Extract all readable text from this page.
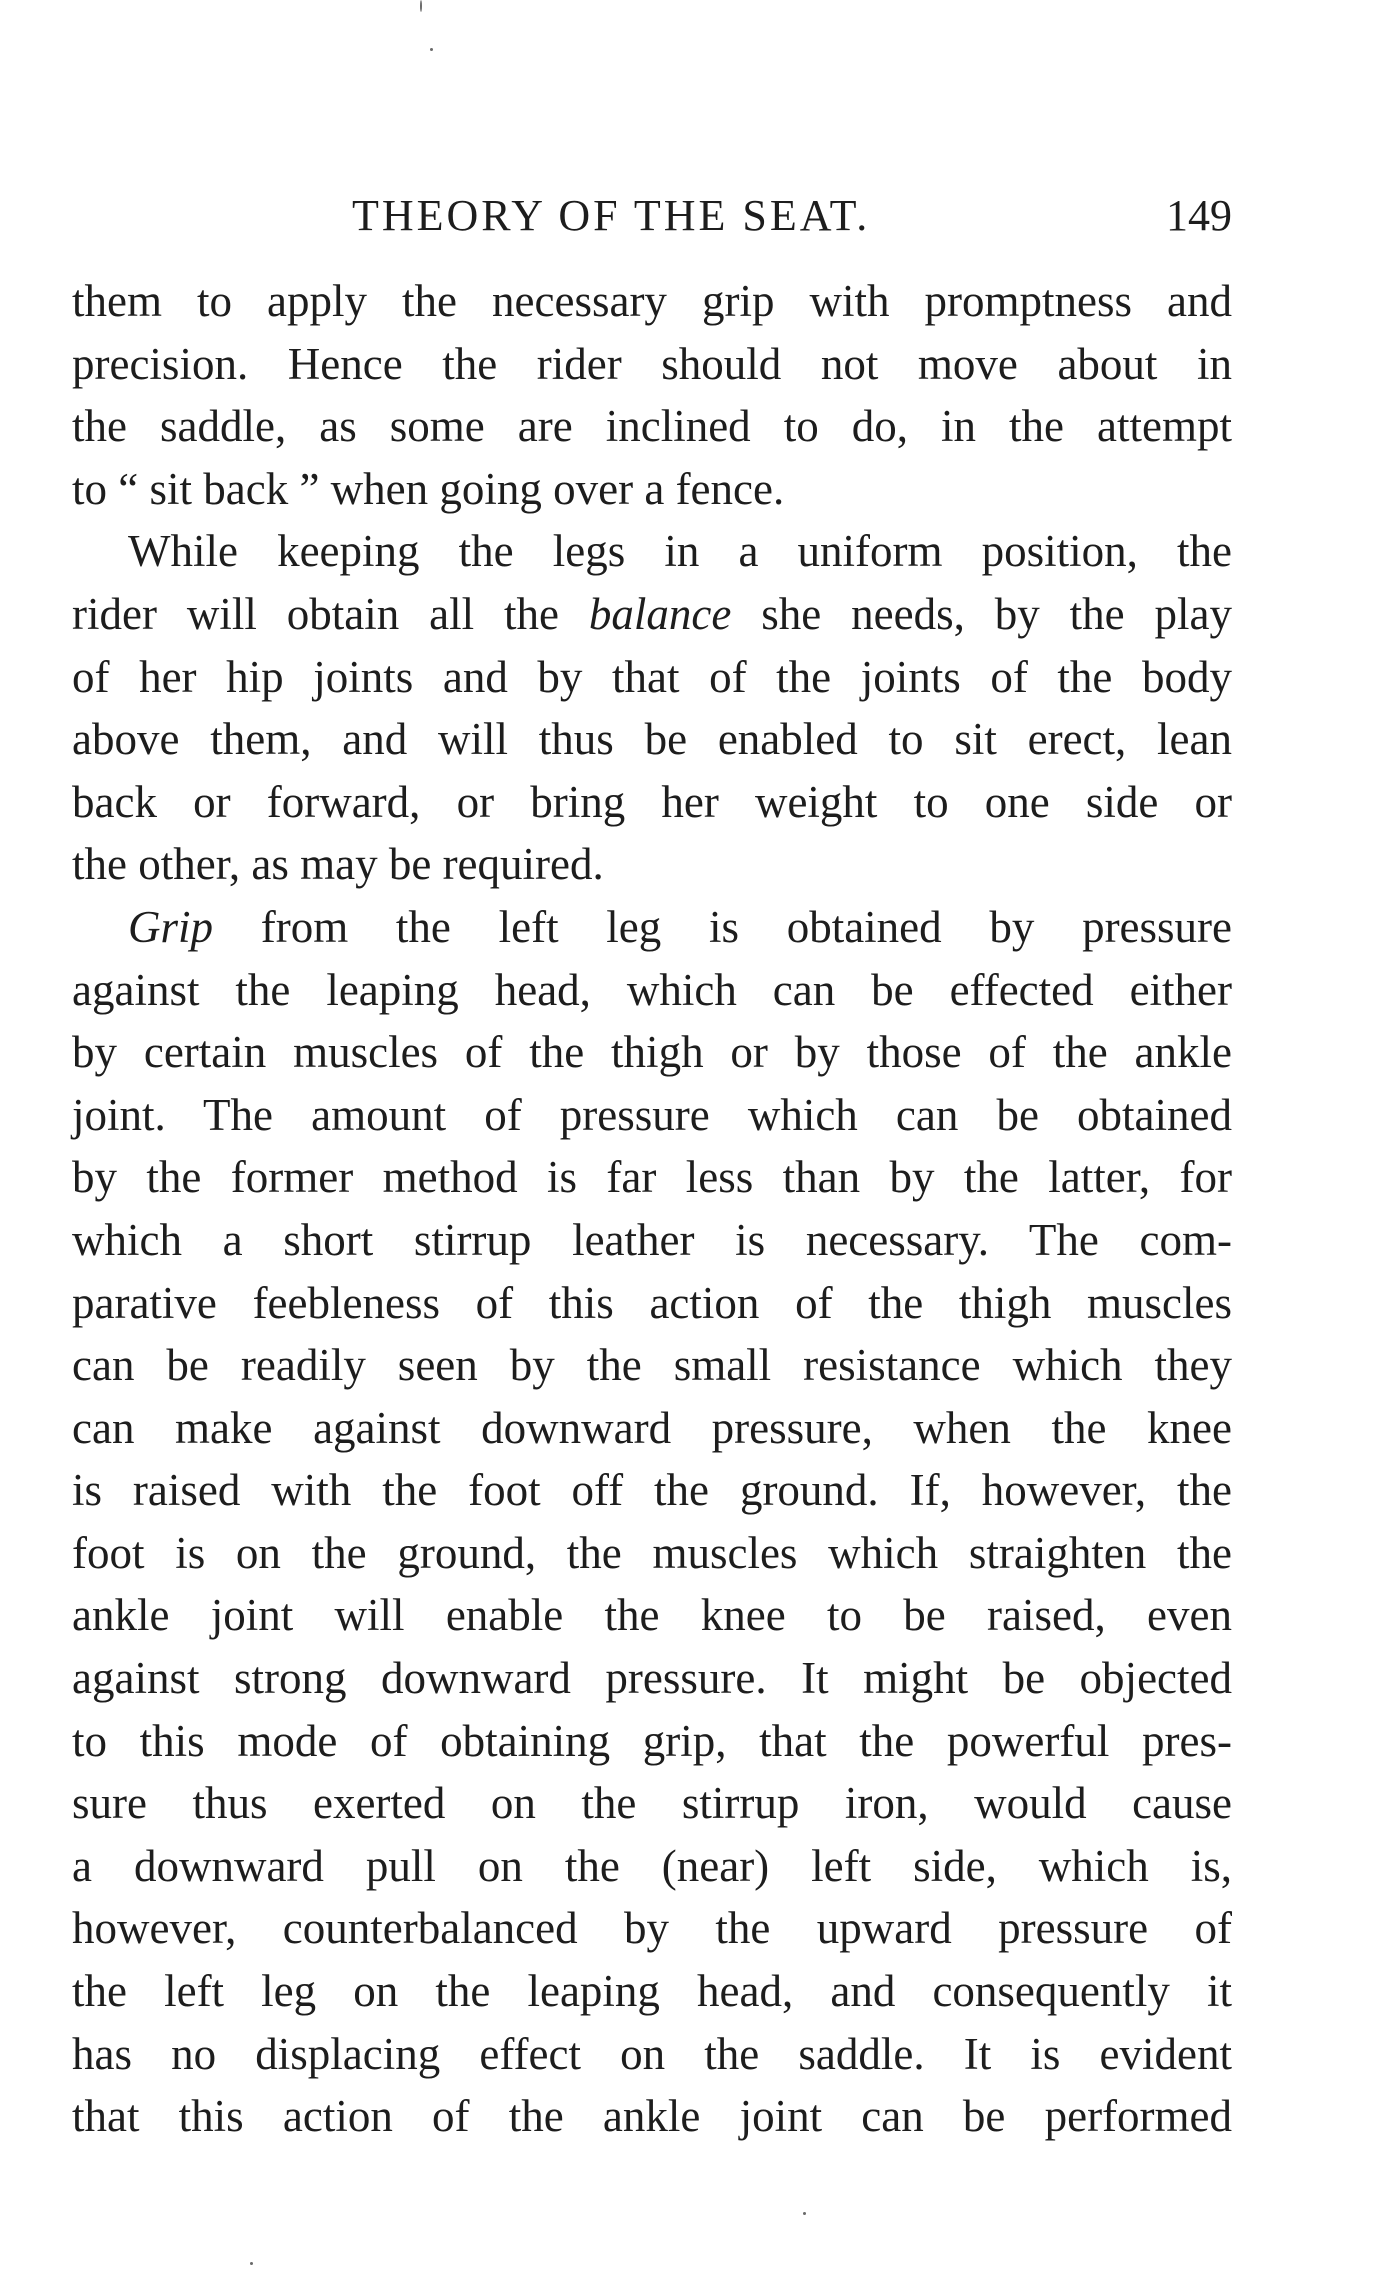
THEORY OF THE SEAT.	149
them to apply the necessary grip with promptness and
precision. Hence the rider should not move about in
the saddle, as some are inclined to do, in the attempt
to “ sit back ” when going over a fence.
While keeping the legs in a uniform position, the
rider will obtain all the balance she needs, by the play
of her hip joints and by that of the joints of the body
above them, and will thus be enabled to sit erect, lean
back or forward, or bring her weight to one side or
the other, as may be required.
Grip from the left leg is obtained by pressure
against the leaping head, which can be effected either
by certain muscles of the thigh or by those of the ankle
joint. The amount of pressure which can be obtained
by the former method is far less than by the latter, for
which a short stirrup leather is necessary. The com-
parative feebleness of this action of the thigh muscles
can be readily seen by the small resistance which they
can make against downward pressure, when the knee
is raised with the foot off the ground. If, however, the
foot is on the ground, the muscles which straighten the
ankle joint will enable the knee to be raised, even
against strong downward pressure. It might be objected
to this mode of obtaining grip, that the powerful pres-
sure thus exerted on the stirrup iron, would cause
a downward pull on the (near) left side, which is,
however, counterbalanced by the upward pressure of
the left leg on the leaping head, and consequently it
has no displacing effect on the saddle. It is evident
that this action of the ankle joint can be performed
